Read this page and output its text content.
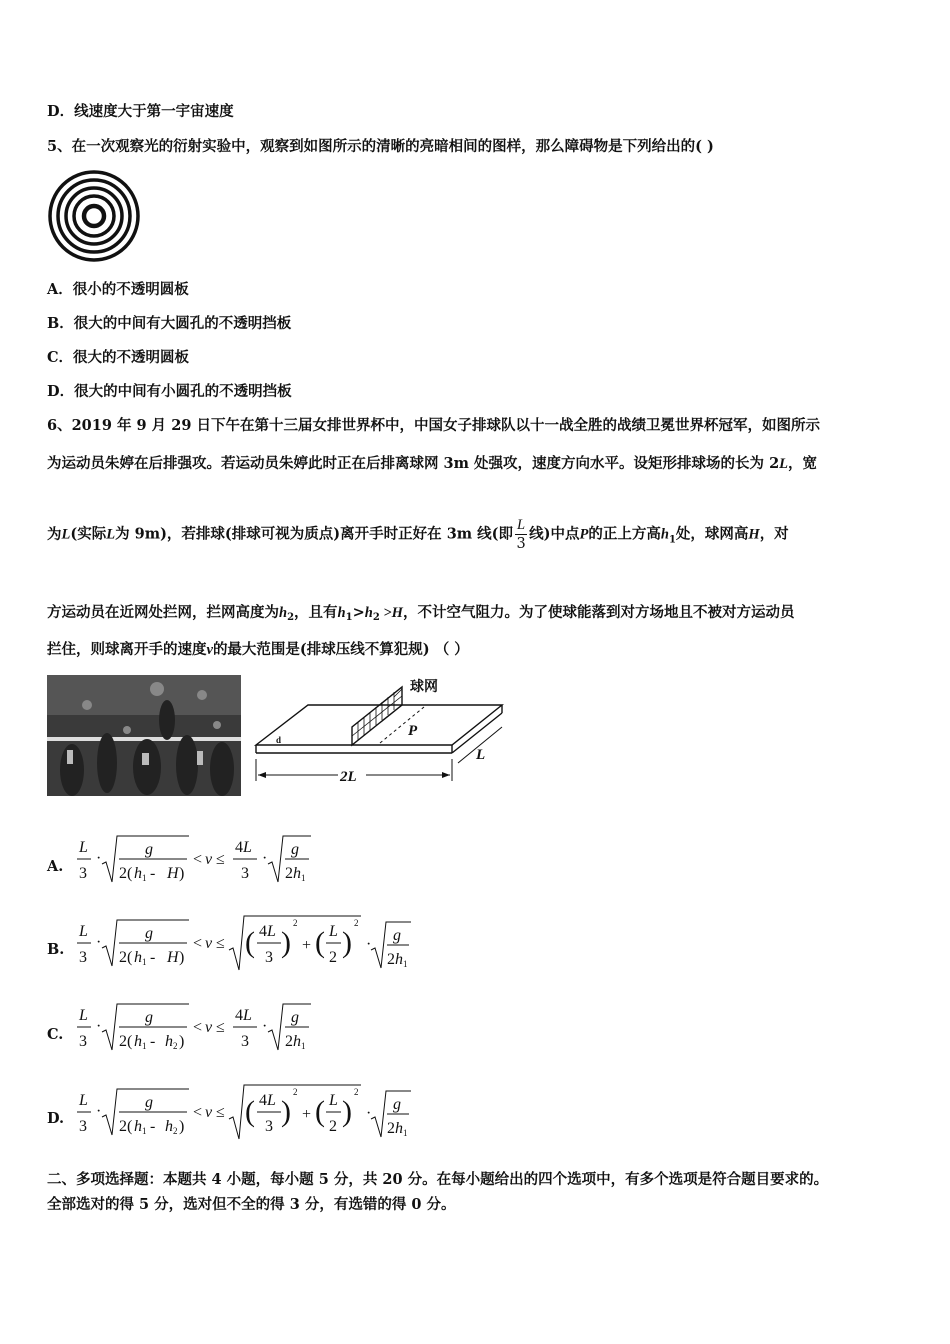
D．线速度大于第一宇宙速度
5、在一次观察光的衍射实验中，观察到如图所示的清晰的亮暗相间的图样，那么障碍物是下列给出的( )
A．很小的不透明圆板
B．很大的中间有大圆孔的不透明挡板
C．很大的不透明圆板
D．很大的中间有小圆孔的不透明挡板
6、2019 年 9 月 29 日下午在第十三届女排世界杯中，中国女子排球队以十一战全胜的战绩卫冕世界杯冠军，如图所示
为运动员朱婷在后排强攻。若运动员朱婷此时正在后排离球网 3m 处强攻，速度方向水平。设矩形排球场的长为 2L，宽
为L(实际L为 9m)，若排球(排球可视为质点)离开手时正好在 3m 线(即 $\frac{L}{3}$ 线)中点P的正上方高$h_1$处，球网高H，对
方运动员在近网处拦网，拦网高度为$h_2$，且有$h_1>h_2 >H$，不计空气阻力。为了使球能落到对方场地且不被对方运动员
拦住，则球离开手的速度v的最大范围是(排球压线不算犯规) （ ）
球网
P
d
2L
L
A.
L
3
·
g
2( h 1 - H )
< v ≤
4 L
3
·
g
2 h 1
B.
L
3
·
g
2( h 1 - H )
< v ≤ ( 4 L
3 )
2
+ ( L
2 )
2
·
g
2 h 1
C.
L
3
·
g
2( h 1 - h 2 )
< v ≤
4 L
3
·
g
2 h 1
D.
L
3
·
g
2( h 1 - h 2 )
< v ≤ ( 4 L
3 )
2
+ ( L
2 )
2
·
g
2 h 1
二、多项选择题：本题共 4 小题，每小题 5 分，共 20 分。在每小题给出的四个选项中，有多个选项是符合题目要求的。
全部选对的得 5 分，选对但不全的得 3 分，有选错的得 0 分。
